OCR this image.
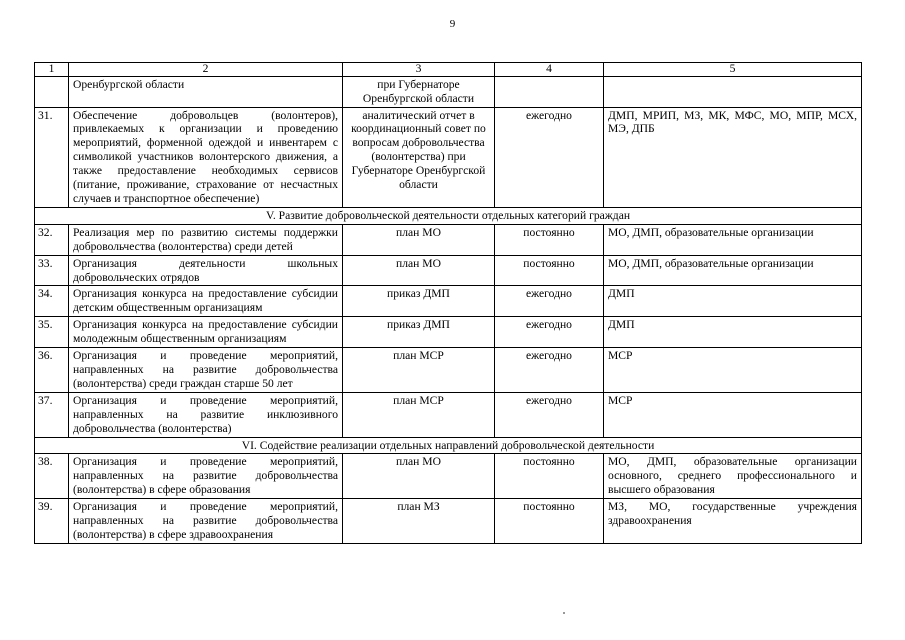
9
1	2	3	4	5
	Оренбургской области	при Губернаторе Оренбургской области		
31.	Обеспечение добровольцев (волонтеров), привлекаемых к организации и проведению мероприятий, форменной одеждой и инвентарем с символикой участников волонтерского движения, а также предоставление необходимых сервисов (питание, проживание, страхование от несчастных случаев и транспортное обеспечение)	аналитический отчет в координационный совет по вопросам добровольчества (волонтерства) при Губернаторе Оренбургской области	ежегодно	ДМП, МРИП, МЗ, МК, МФС, МО, МПР, МСХ, МЭ, ДПБ
V. Развитие добровольческой деятельности отдельных категорий граждан				
32.	Реализация мер по развитию системы поддержки добровольчества (волонтерства) среди детей	план МО	постоянно	МО, ДМП, образовательные организации
33.	Организация деятельности школьных добровольческих отрядов	план МО	постоянно	МО, ДМП, образовательные организации
34.	Организация конкурса на предоставление субсидии детским общественным организациям	приказ ДМП	ежегодно	ДМП
35.	Организация конкурса на предоставление субсидии молодежным общественным организациям	приказ ДМП	ежегодно	ДМП
36.	Организация и проведение мероприятий, направленных на развитие добровольчества (волонтерства) среди граждан старше 50 лет	план МСР	ежегодно	МСР
37.	Организация и проведение мероприятий, направленных на развитие инклюзивного добровольчества (волонтерства)	план МСР	ежегодно	МСР
VI. Содействие реализации отдельных направлений добровольческой деятельности				
38.	Организация и проведение мероприятий, направленных на развитие добровольчества (волонтерства) в сфере образования	план МО	постоянно	МО, ДМП, образовательные организации основного, среднего профессионального и высшего образования
39.	Организация и проведение мероприятий, направленных на развитие добровольчества (волонтерства) в сфере здравоохранения	план МЗ	постоянно	МЗ, МО, государственные учреждения здравоохранения
